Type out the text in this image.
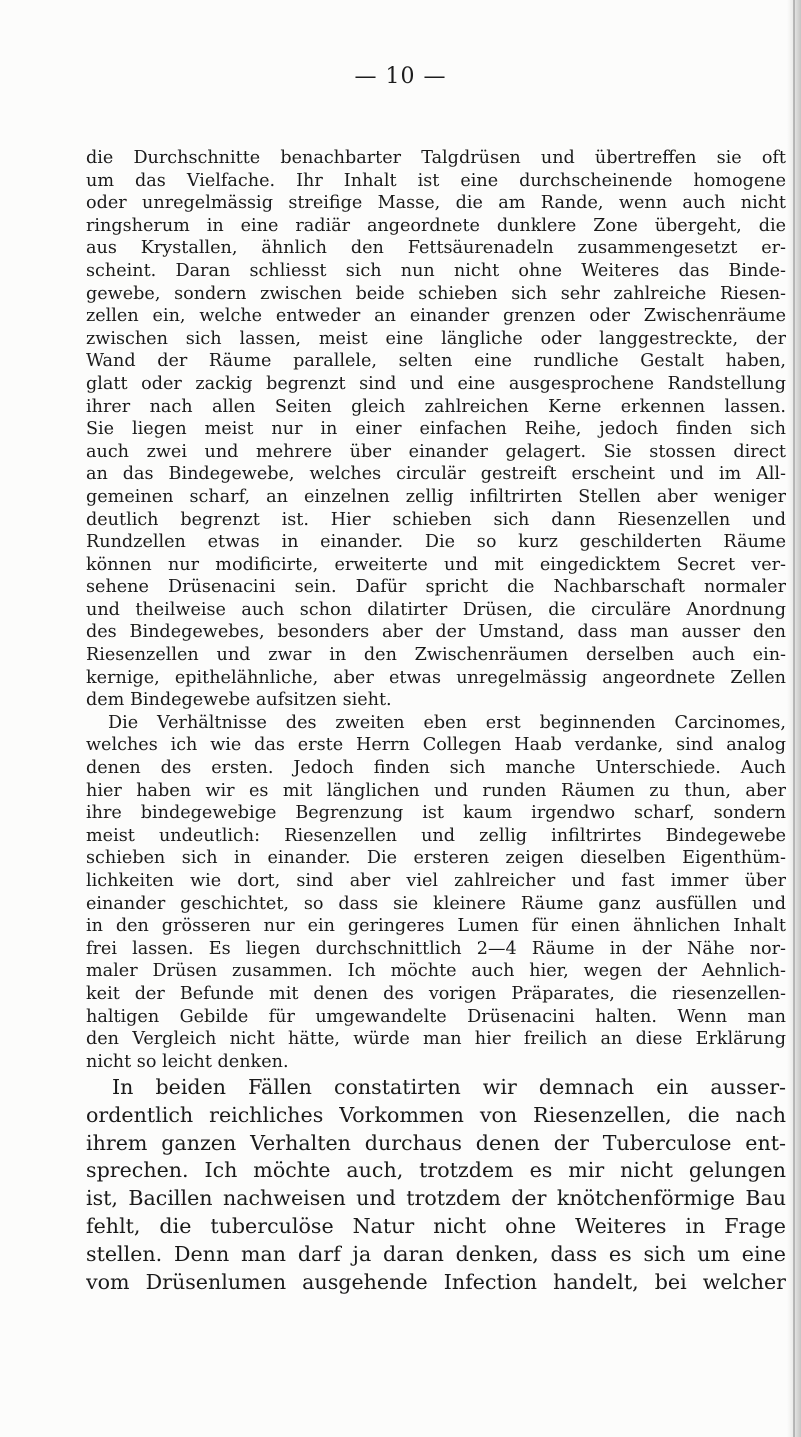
— 10 —
die Durchschnitte benachbarter Talgdrüsen und übertreffen sie oft
um das Vielfache. Ihr Inhalt ist eine durchscheinende homogene
oder unregelmässig streifige Masse, die am Rande, wenn auch nicht
ringsherum in eine radiär angeordnete dunklere Zone übergeht, die
aus Krystallen, ähnlich den Fettsäurenadeln zusammengesetzt er-
scheint. Daran schliesst sich nun nicht ohne Weiteres das Binde-
gewebe, sondern zwischen beide schieben sich sehr zahlreiche Riesen-
zellen ein, welche entweder an einander grenzen oder Zwischenräume
zwischen sich lassen, meist eine längliche oder langgestreckte, der
Wand der Räume parallele, selten eine rundliche Gestalt haben,
glatt oder zackig begrenzt sind und eine ausgesprochene Randstellung
ihrer nach allen Seiten gleich zahlreichen Kerne erkennen lassen.
Sie liegen meist nur in einer einfachen Reihe, jedoch finden sich
auch zwei und mehrere über einander gelagert. Sie stossen direct
an das Bindegewebe, welches circulär gestreift erscheint und im All-
gemeinen scharf, an einzelnen zellig infiltrirten Stellen aber weniger
deutlich begrenzt ist. Hier schieben sich dann Riesenzellen und
Rundzellen etwas in einander. Die so kurz geschilderten Räume
können nur modificirte, erweiterte und mit eingedicktem Secret ver-
sehene Drüsenacini sein. Dafür spricht die Nachbarschaft normaler
und theilweise auch schon dilatirter Drüsen, die circuläre Anordnung
des Bindegewebes, besonders aber der Umstand, dass man ausser den
Riesenzellen und zwar in den Zwischenräumen derselben auch ein-
kernige, epithelähnliche, aber etwas unregelmässig angeordnete Zellen
dem Bindegewebe aufsitzen sieht.
Die Verhältnisse des zweiten eben erst beginnenden Carcinomes,
welches ich wie das erste Herrn Collegen Haab verdanke, sind analog
denen des ersten. Jedoch finden sich manche Unterschiede. Auch
hier haben wir es mit länglichen und runden Räumen zu thun, aber
ihre bindegewebige Begrenzung ist kaum irgendwo scharf, sondern
meist undeutlich: Riesenzellen und zellig infiltrirtes Bindegewebe
schieben sich in einander. Die ersteren zeigen dieselben Eigenthüm-
lichkeiten wie dort, sind aber viel zahlreicher und fast immer über
einander geschichtet, so dass sie kleinere Räume ganz ausfüllen und
in den grösseren nur ein geringeres Lumen für einen ähnlichen Inhalt
frei lassen. Es liegen durchschnittlich 2—4 Räume in der Nähe nor-
maler Drüsen zusammen. Ich möchte auch hier, wegen der Aehnlich-
keit der Befunde mit denen des vorigen Präparates, die riesenzellen-
haltigen Gebilde für umgewandelte Drüsenacini halten. Wenn man
den Vergleich nicht hätte, würde man hier freilich an diese Erklärung
nicht so leicht denken.
In beiden Fällen constatirten wir demnach ein ausser-
ordentlich reichliches Vorkommen von Riesenzellen, die nach
ihrem ganzen Verhalten durchaus denen der Tuberculose ent-
sprechen. Ich möchte auch, trotzdem es mir nicht gelungen
ist, Bacillen nachweisen und trotzdem der knötchenförmige Bau
fehlt, die tuberculöse Natur nicht ohne Weiteres in Frage
stellen. Denn man darf ja daran denken, dass es sich um eine
vom Drüsenlumen ausgehende Infection handelt, bei welcher
